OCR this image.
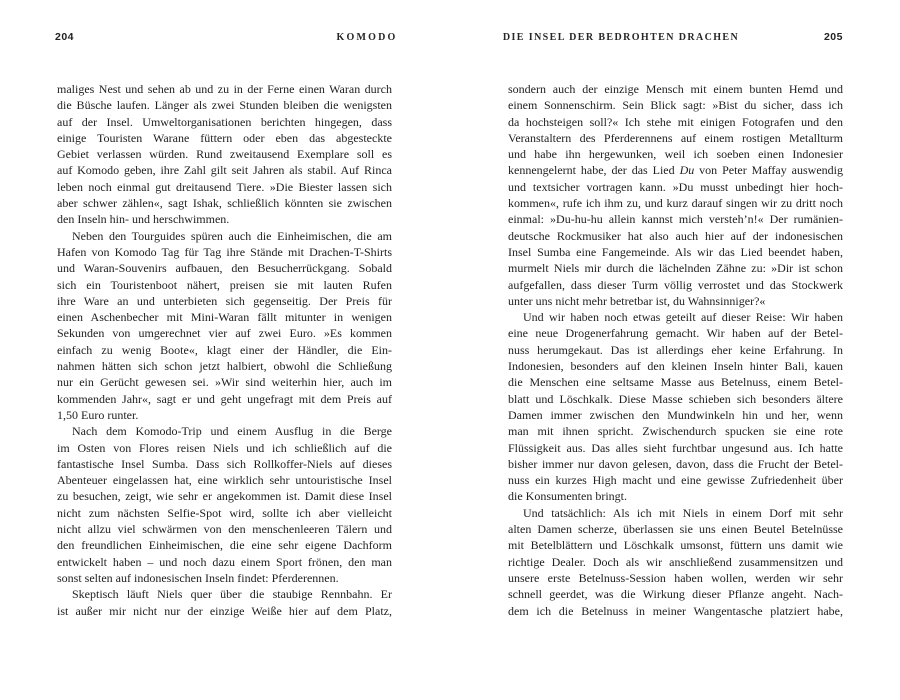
204	KOMODO	DIE INSEL DER BEDROHTEN DRACHEN	205
maliges Nest und sehen ab und zu in der Ferne einen Waran durch
die Büsche laufen. Länger als zwei Stunden bleiben die wenigsten
auf der Insel. Umweltorganisationen berichten hingegen, dass
einige Touristen Warane füttern oder eben das abgesteckte
Gebiet verlassen würden. Rund zweitausend Exemplare soll es
auf Komodo geben, ihre Zahl gilt seit Jahren als stabil. Auf Rinca
leben noch einmal gut dreitausend Tiere. »Die Biester lassen sich
aber schwer zählen«, sagt Ishak, schließlich könnten sie zwischen
den Inseln hin- und herschwimmen.
Neben den Tourguides spüren auch die Einheimischen, die am
Hafen von Komodo Tag für Tag ihre Stände mit Drachen-T-Shirts
und Waran-Souvenirs aufbauen, den Besucherrückgang. Sobald
sich ein Touristenboot nähert, preisen sie mit lauten Rufen
ihre Ware an und unterbieten sich gegenseitig. Der Preis für
einen Aschenbecher mit Mini-Waran fällt mitunter in wenigen
Sekunden von umgerechnet vier auf zwei Euro. »Es kommen
einfach zu wenig Boote«, klagt einer der Händler, die Ein-
nahmen hätten sich schon jetzt halbiert, obwohl die Schließung
nur ein Gerücht gewesen sei. »Wir sind weiterhin hier, auch im
kommenden Jahr«, sagt er und geht ungefragt mit dem Preis auf
1,50 Euro runter.
Nach dem Komodo-Trip und einem Ausflug in die Berge
im Osten von Flores reisen Niels und ich schließlich auf die
fantastische Insel Sumba. Dass sich Rollkoffer-Niels auf dieses
Abenteuer eingelassen hat, eine wirklich sehr untouristische Insel
zu besuchen, zeigt, wie sehr er angekommen ist. Damit diese Insel
nicht zum nächsten Selfie-Spot wird, sollte ich aber vielleicht
nicht allzu viel schwärmen von den menschenleeren Tälern und
den freundlichen Einheimischen, die eine sehr eigene Dachform
entwickelt haben – und noch dazu einem Sport frönen, den man
sonst selten auf indonesischen Inseln findet: Pferderennen.
Skeptisch läuft Niels quer über die staubige Rennbahn. Er
ist außer mir nicht nur der einzige Weiße hier auf dem Platz,
sondern auch der einzige Mensch mit einem bunten Hemd und
einem Sonnenschirm. Sein Blick sagt: »Bist du sicher, dass ich
da hochsteigen soll?« Ich stehe mit einigen Fotografen und den
Veranstaltern des Pferderennens auf einem rostigen Metallturm
und habe ihn hergewunken, weil ich soeben einen Indonesier
kennengelernt habe, der das Lied Du von Peter Maffay auswendig
und textsicher vortragen kann. »Du musst unbedingt hier hoch-
kommen«, rufe ich ihm zu, und kurz darauf singen wir zu dritt noch
einmal: »Du-hu-hu allein kannst mich versteh’n!« Der rumänien-
deutsche Rockmusiker hat also auch hier auf der indonesischen
Insel Sumba eine Fangemeinde. Als wir das Lied beendet haben,
murmelt Niels mir durch die lächelnden Zähne zu: »Dir ist schon
aufgefallen, dass dieser Turm völlig verrostet und das Stockwerk
unter uns nicht mehr betretbar ist, du Wahnsinniger?«
Und wir haben noch etwas geteilt auf dieser Reise: Wir haben
eine neue Drogenerfahrung gemacht. Wir haben auf der Betel-
nuss herumgekaut. Das ist allerdings eher keine Erfahrung. In
Indonesien, besonders auf den kleinen Inseln hinter Bali, kauen
die Menschen eine seltsame Masse aus Betelnuss, einem Betel-
blatt und Löschkalk. Diese Masse schieben sich besonders ältere
Damen immer zwischen den Mundwinkeln hin und her, wenn
man mit ihnen spricht. Zwischendurch spucken sie eine rote
Flüssigkeit aus. Das alles sieht furchtbar ungesund aus. Ich hatte
bisher immer nur davon gelesen, davon, dass die Frucht der Betel-
nuss ein kurzes High macht und eine gewisse Zufriedenheit über
die Konsumenten bringt.
Und tatsächlich: Als ich mit Niels in einem Dorf mit sehr
alten Damen scherze, überlassen sie uns einen Beutel Betelnüsse
mit Betelblättern und Löschkalk umsonst, füttern uns damit wie
richtige Dealer. Doch als wir anschließend zusammensitzen und
unsere erste Betelnuss-Session haben wollen, werden wir sehr
schnell geerdet, was die Wirkung dieser Pflanze angeht. Nach-
dem ich die Betelnuss in meiner Wangentasche platziert habe,
